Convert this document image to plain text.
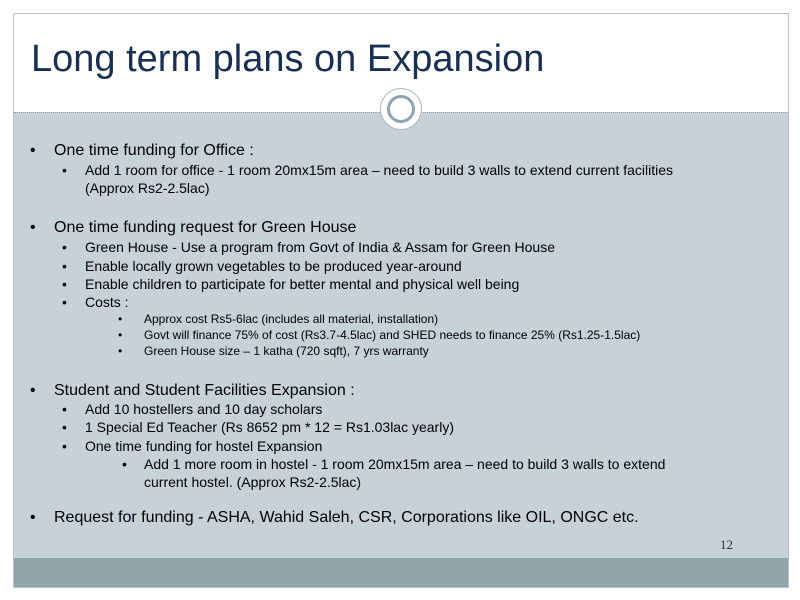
Long term plans on Expansion
12
• One time funding for Office :
• Add 1 room for office - 1 room 20mx15m area – need to build 3 walls to extend current facilities
(Approx Rs2-2.5lac)
• One time funding request for Green House
• Green House - Use a program from Govt of India & Assam for Green House
• Enable locally grown vegetables to be produced year-around
• Enable children to participate for better mental and physical well being
• Costs :
• Approx cost Rs5-6lac (includes all material, installation)
• Govt will finance 75% of cost (Rs3.7-4.5lac) and SHED needs to finance 25% (Rs1.25-1.5lac)
• Green House size – 1 katha (720 sqft), 7 yrs warranty
• Student and Student Facilities Expansion :
• Add 10 hostellers and 10 day scholars
• 1 Special Ed Teacher (Rs 8652 pm * 12 = Rs1.03lac yearly)
• One time funding for hostel Expansion
• Add 1 more room in hostel - 1 room 20mx15m area – need to build 3 walls to extend
current hostel. (Approx Rs2-2.5lac)
• Request for funding - ASHA, Wahid Saleh, CSR, Corporations like OIL, ONGC etc.
